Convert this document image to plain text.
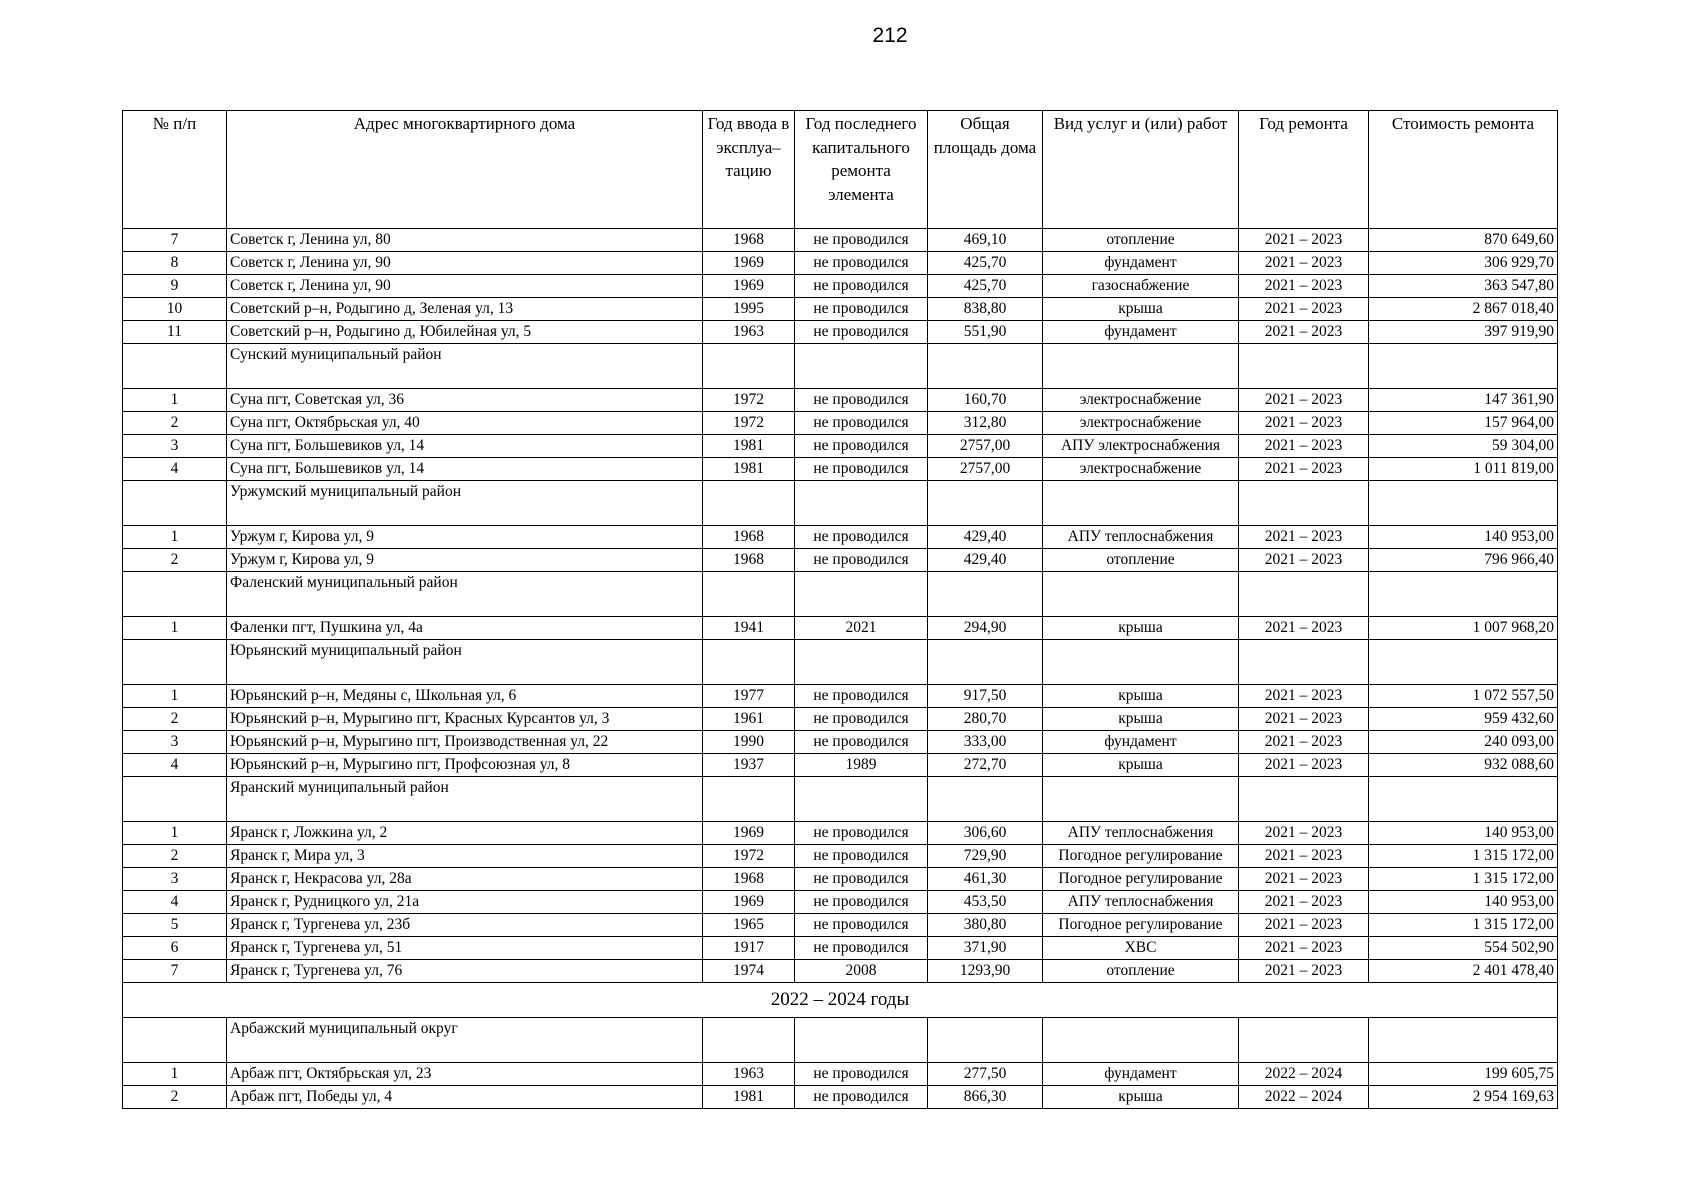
212
№ п/п	Адрес многоквартирного дома	Год ввода в эксплуа– тацию	Год последнего капитального ремонта элемента	Общая площадь дома	Вид услуг и (или) работ	Год ремонта	Стоимость ремонта
7	Советск г, Ленина ул, 80	1968	не проводился	469,10	отопление	2021 – 2023	870 649,60
8	Советск г, Ленина ул, 90	1969	не проводился	425,70	фундамент	2021 – 2023	306 929,70
9	Советск г, Ленина ул, 90	1969	не проводился	425,70	газоснабжение	2021 – 2023	363 547,80
10	Советский р–н, Родыгино д, Зеленая ул, 13	1995	не проводился	838,80	крыша	2021 – 2023	2 867 018,40
11	Советский р–н, Родыгино д, Юбилейная ул, 5	1963	не проводился	551,90	фундамент	2021 – 2023	397 919,90
	Сунский муниципальный район						
1	Суна пгт, Советская ул, 36	1972	не проводился	160,70	электроснабжение	2021 – 2023	147 361,90
2	Суна пгт, Октябрьская ул, 40	1972	не проводился	312,80	электроснабжение	2021 – 2023	157 964,00
3	Суна пгт, Большевиков ул, 14	1981	не проводился	2757,00	АПУ электроснабжения	2021 – 2023	59 304,00
4	Суна пгт, Большевиков ул, 14	1981	не проводился	2757,00	электроснабжение	2021 – 2023	1 011 819,00
	Уржумский муниципальный район						
1	Уржум г, Кирова ул, 9	1968	не проводился	429,40	АПУ теплоснабжения	2021 – 2023	140 953,00
2	Уржум г, Кирова ул, 9	1968	не проводился	429,40	отопление	2021 – 2023	796 966,40
	Фаленский муниципальный район						
1	Фаленки пгт, Пушкина ул, 4а	1941	2021	294,90	крыша	2021 – 2023	1 007 968,20
	Юрьянский муниципальный район						
1	Юрьянский р–н, Медяны с, Школьная ул, 6	1977	не проводился	917,50	крыша	2021 – 2023	1 072 557,50
2	Юрьянский р–н, Мурыгино пгт, Красных Курсантов ул, 3	1961	не проводился	280,70	крыша	2021 – 2023	959 432,60
3	Юрьянский р–н, Мурыгино пгт, Производственная ул, 22	1990	не проводился	333,00	фундамент	2021 – 2023	240 093,00
4	Юрьянский р–н, Мурыгино пгт, Профсоюзная ул, 8	1937	1989	272,70	крыша	2021 – 2023	932 088,60
	Яранский муниципальный район						
1	Яранск г, Ложкина ул, 2	1969	не проводился	306,60	АПУ теплоснабжения	2021 – 2023	140 953,00
2	Яранск г, Мира ул, 3	1972	не проводился	729,90	Погодное регулирование	2021 – 2023	1 315 172,00
3	Яранск г, Некрасова ул, 28а	1968	не проводился	461,30	Погодное регулирование	2021 – 2023	1 315 172,00
4	Яранск г, Рудницкого ул, 21а	1969	не проводился	453,50	АПУ теплоснабжения	2021 – 2023	140 953,00
5	Яранск г, Тургенева ул, 23б	1965	не проводился	380,80	Погодное регулирование	2021 – 2023	1 315 172,00
6	Яранск г, Тургенева ул, 51	1917	не проводился	371,90	ХВС	2021 – 2023	554 502,90
7	Яранск г, Тургенева ул, 76	1974	2008	1293,90	отопление	2021 – 2023	2 401 478,40
2022 – 2024 годы							
	Арбажский муниципальный округ						
1	Арбаж пгт, Октябрьская ул, 23	1963	не проводился	277,50	фундамент	2022 – 2024	199 605,75
2	Арбаж пгт, Победы ул, 4	1981	не проводился	866,30	крыша	2022 – 2024	2 954 169,63
